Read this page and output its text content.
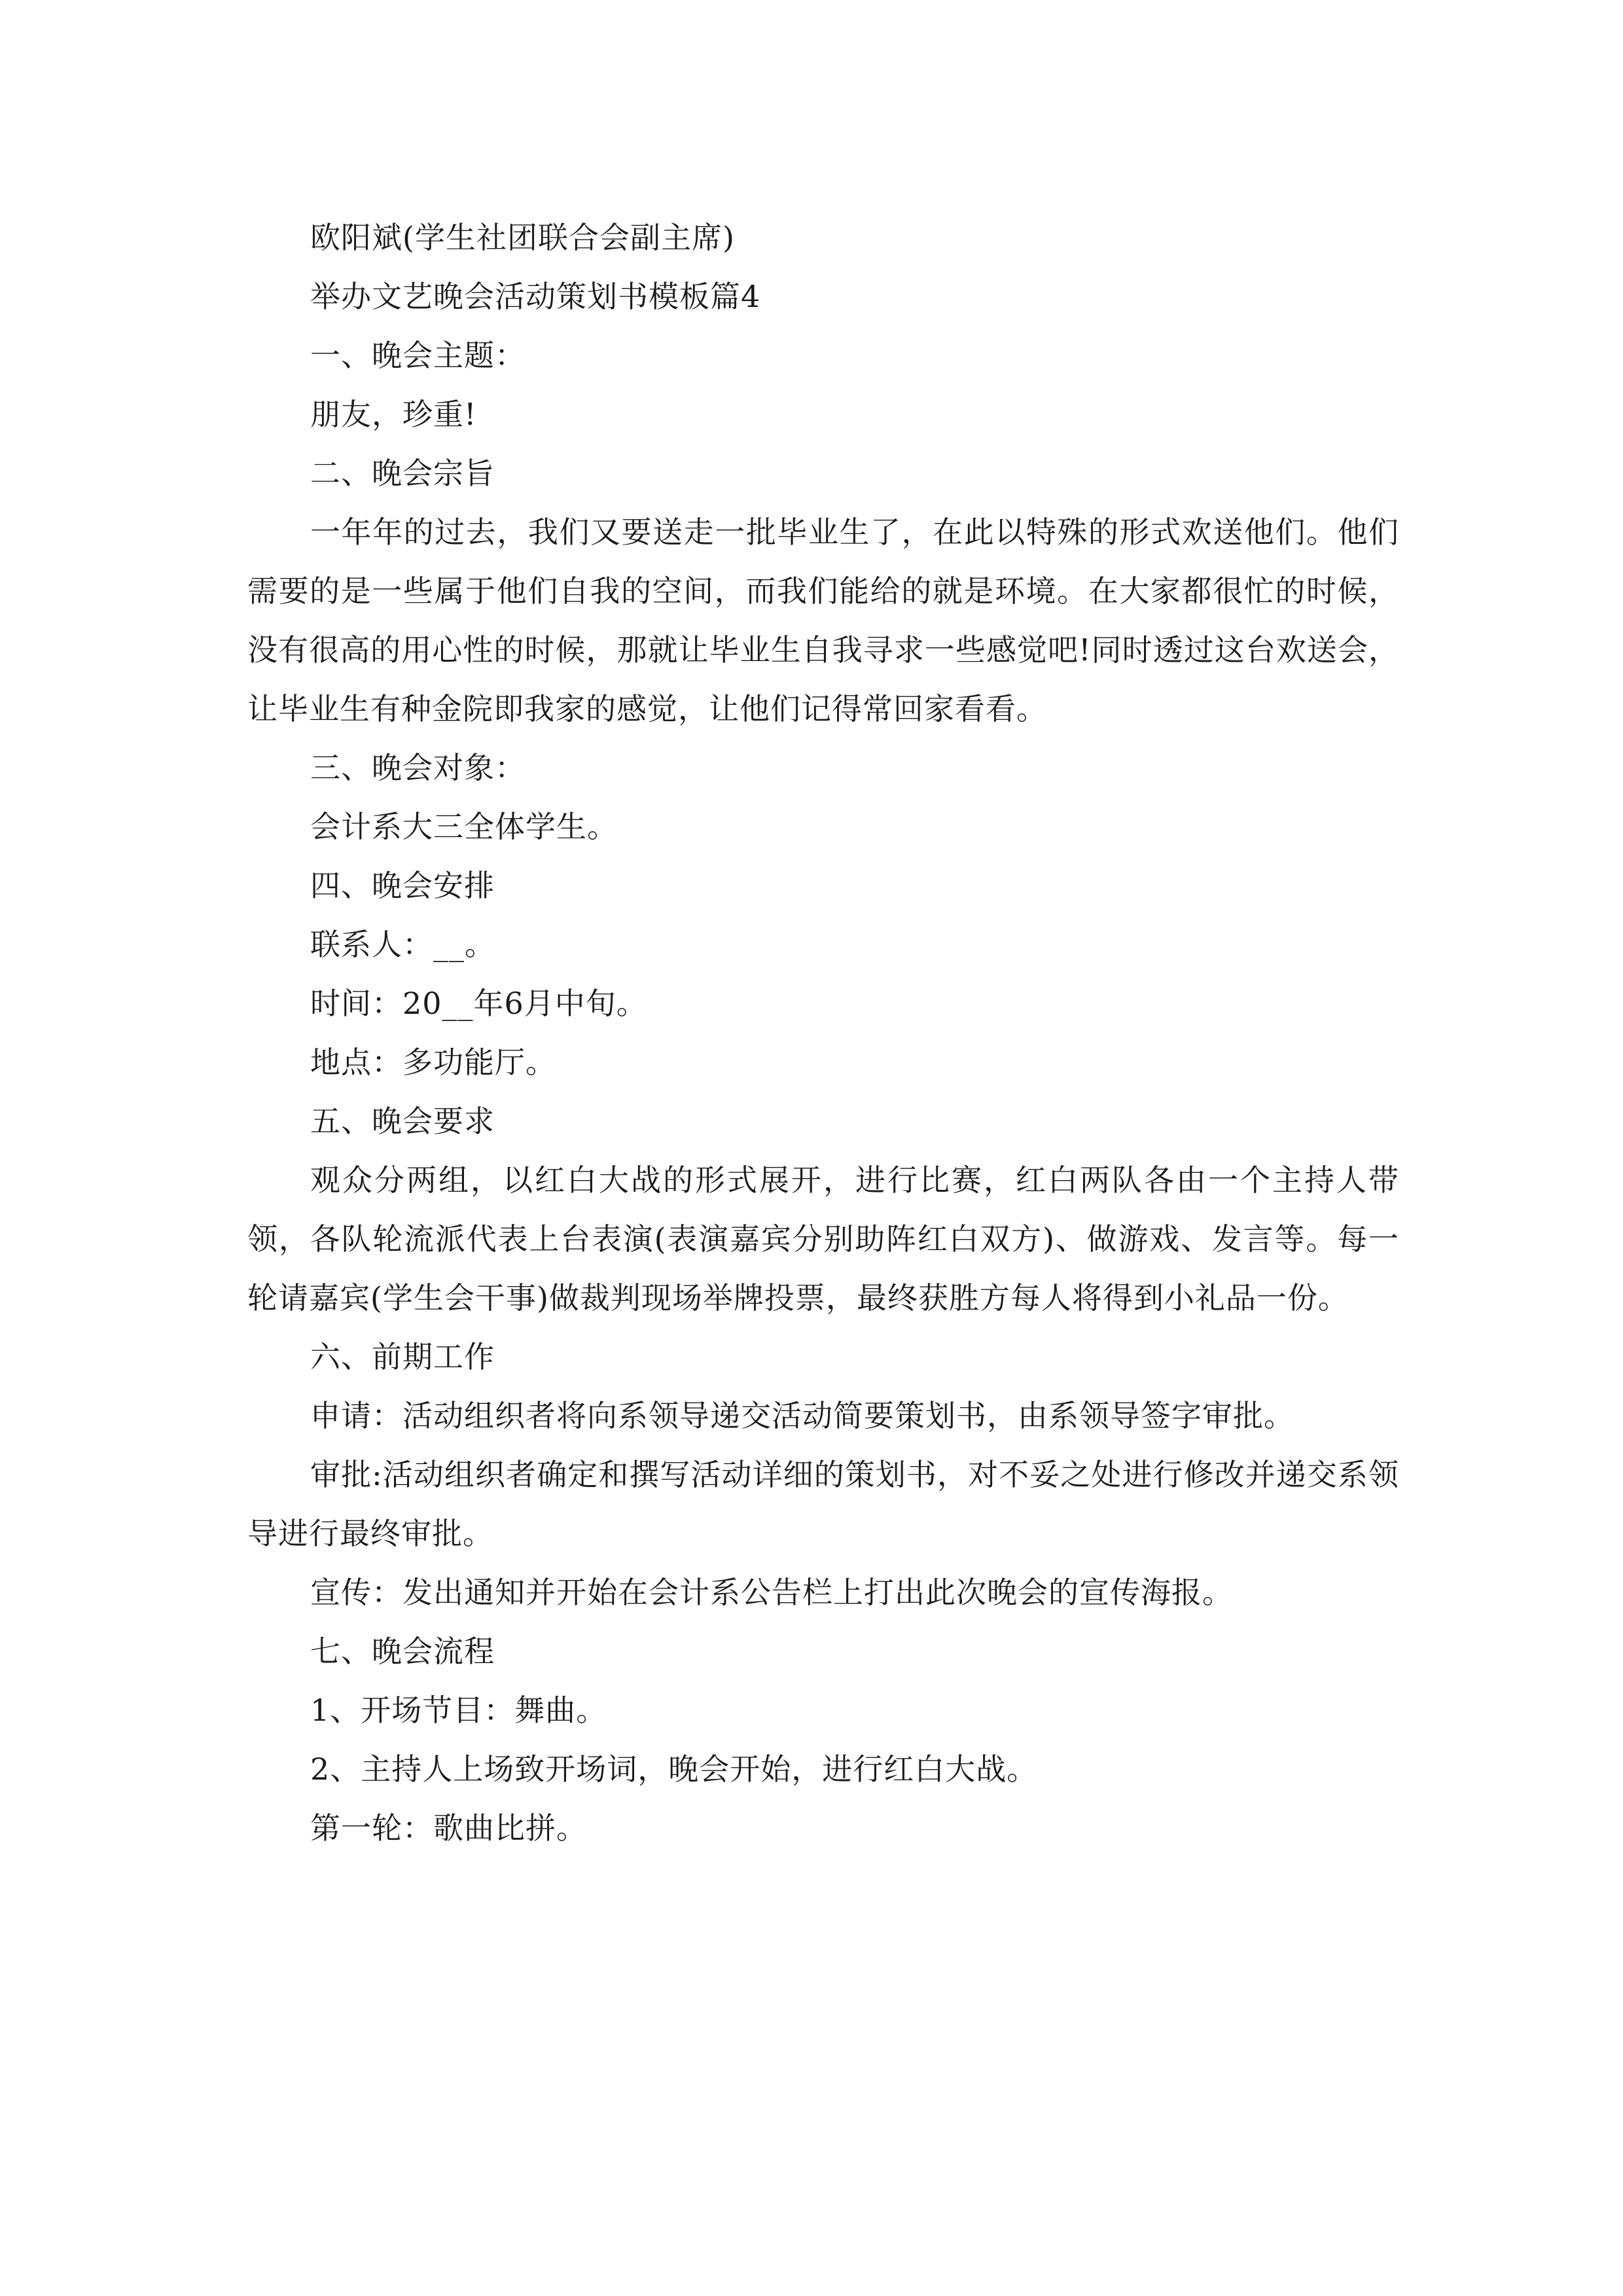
欧阳斌(学生社团联合会副主席)

举办文艺晚会活动策划书模板篇4

一、晚会主题：

朋友，珍重!

二、晚会宗旨

一年年的过去，我们又要送走一批毕业生了，在此以特殊的形式欢送他们。他们需要的是一些属于他们自我的空间，而我们能给的就是环境。在大家都很忙的时候，没有很高的用心性的时候，那就让毕业生自我寻求一些感觉吧!同时透过这台欢送会，让毕业生有种金院即我家的感觉，让他们记得常回家看看。

三、晚会对象：

会计系大三全体学生。

四、晚会安排

联系人：__。

时间：20__年6月中旬。

地点：多功能厅。

五、晚会要求

观众分两组，以红白大战的形式展开，进行比赛，红白两队各由一个主持人带领，各队轮流派代表上台表演(表演嘉宾分别助阵红白双方)、做游戏、发言等。每一轮请嘉宾(学生会干事)做裁判现场举牌投票，最终获胜方每人将得到小礼品一份。

六、前期工作

申请：活动组织者将向系领导递交活动简要策划书，由系领导签字审批。

审批:活动组织者确定和撰写活动详细的策划书，对不妥之处进行修改并递交系领导进行最终审批。

宣传：发出通知并开始在会计系公告栏上打出此次晚会的宣传海报。

七、晚会流程

1、开场节目：舞曲。

2、主持人上场致开场词，晚会开始，进行红白大战。

第一轮：歌曲比拼。
